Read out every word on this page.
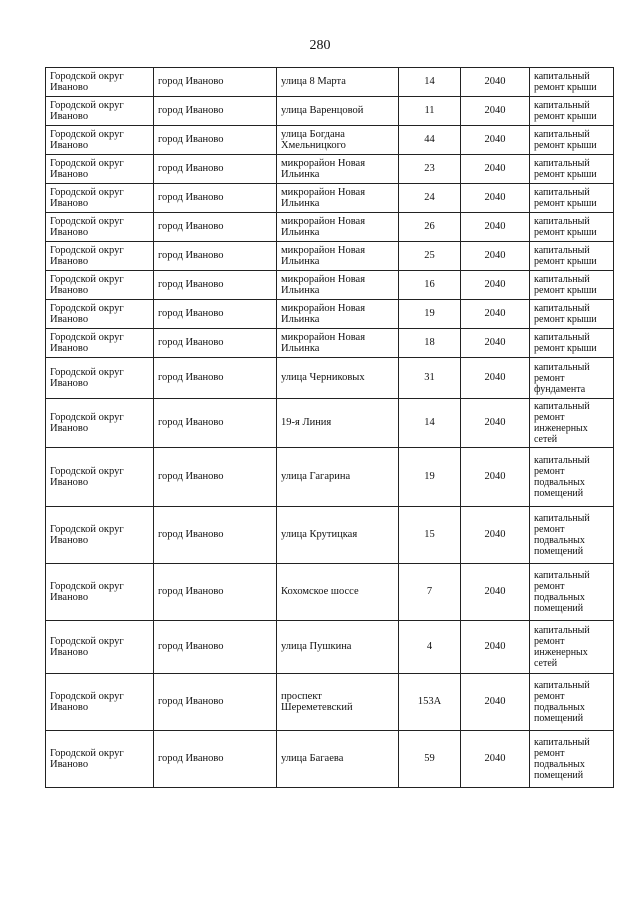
280
Городской округ Иваново	город Иваново	улица 8 Марта	14	2040	капитальный ремонт крыши
Городской округ Иваново	город Иваново	улица Варенцовой	11	2040	капитальный ремонт крыши
Городской округ Иваново	город Иваново	улица Богдана Хмельницкого	44	2040	капитальный ремонт крыши
Городской округ Иваново	город Иваново	микрорайон Новая Ильинка	23	2040	капитальный ремонт крыши
Городской округ Иваново	город Иваново	микрорайон Новая Ильинка	24	2040	капитальный ремонт крыши
Городской округ Иваново	город Иваново	микрорайон Новая Ильинка	26	2040	капитальный ремонт крыши
Городской округ Иваново	город Иваново	микрорайон Новая Ильинка	25	2040	капитальный ремонт крыши
Городской округ Иваново	город Иваново	микрорайон Новая Ильинка	16	2040	капитальный ремонт крыши
Городской округ Иваново	город Иваново	микрорайон Новая Ильинка	19	2040	капитальный ремонт крыши
Городской округ Иваново	город Иваново	микрорайон Новая Ильинка	18	2040	капитальный ремонт крыши
Городской округ Иваново	город Иваново	улица Черниковых	31	2040	капитальный ремонт фундамента
Городской округ Иваново	город Иваново	19-я Линия	14	2040	капитальный ремонт инженерных сетей
Городской округ Иваново	город Иваново	улица Гагарина	19	2040	капитальный ремонт подвальных помещений
Городской округ Иваново	город Иваново	улица Крутицкая	15	2040	капитальный ремонт подвальных помещений
Городской округ Иваново	город Иваново	Кохомское шоссе	7	2040	капитальный ремонт подвальных помещений
Городской округ Иваново	город Иваново	улица Пушкина	4	2040	капитальный ремонт инженерных сетей
Городской округ Иваново	город Иваново	проспект Шереметевский	153А	2040	капитальный ремонт подвальных помещений
Городской округ Иваново	город Иваново	улица Багаева	59	2040	капитальный ремонт подвальных помещений
